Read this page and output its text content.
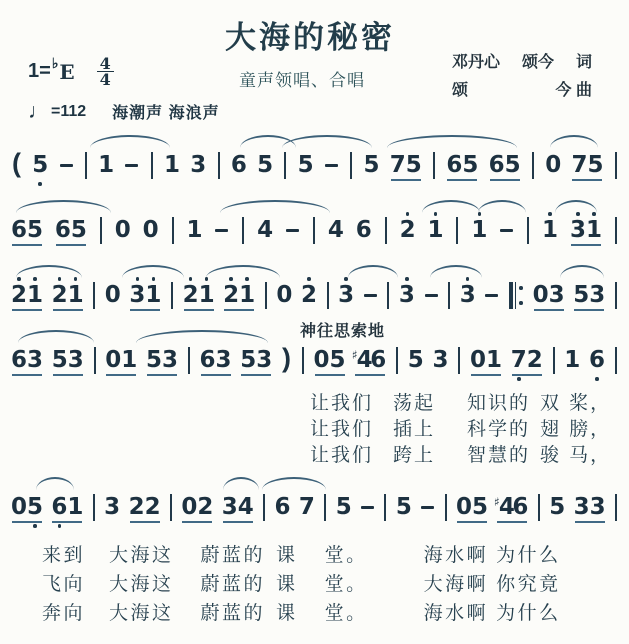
大海的秘密
1= ♭ E $\frac{4}{4}$	童声领唱、合唱
邓丹心 颂今 词
颂	今 曲
♩ =112 海潮声 海浪声
( 5 1 1 3 6 5 5 5 7 5 6 5 6 5 0 7 5
6 5 6 5 0 0 1 4 4 6 2 1 1 1 3 1
2 1 2 1 0 3 1 2 1 2 1 0 2 3 3 3 0 3 5 3
6 3 5 3 0 1 5 3 6 3 5 3 ) 0 5 ♯4
6 5 3 0 1 7 2 1 6
0 5 6 1 3 2 2 0 2 3 4 6 7 5 5 0 5 ♯4
6 5 3 3
神往思索地
让我们 荡起 知识的 双 桨，
让我们 插上 科学的 翅 膀，
让我们 跨上 智慧的 骏 马，
来到 大海这 蔚蓝的 课 堂。	海水啊 为什么
飞向 大海这 蔚蓝的 课 堂。	大海啊 你究竟
奔向 大海这 蔚蓝的 课 堂。	海水啊 为什么
